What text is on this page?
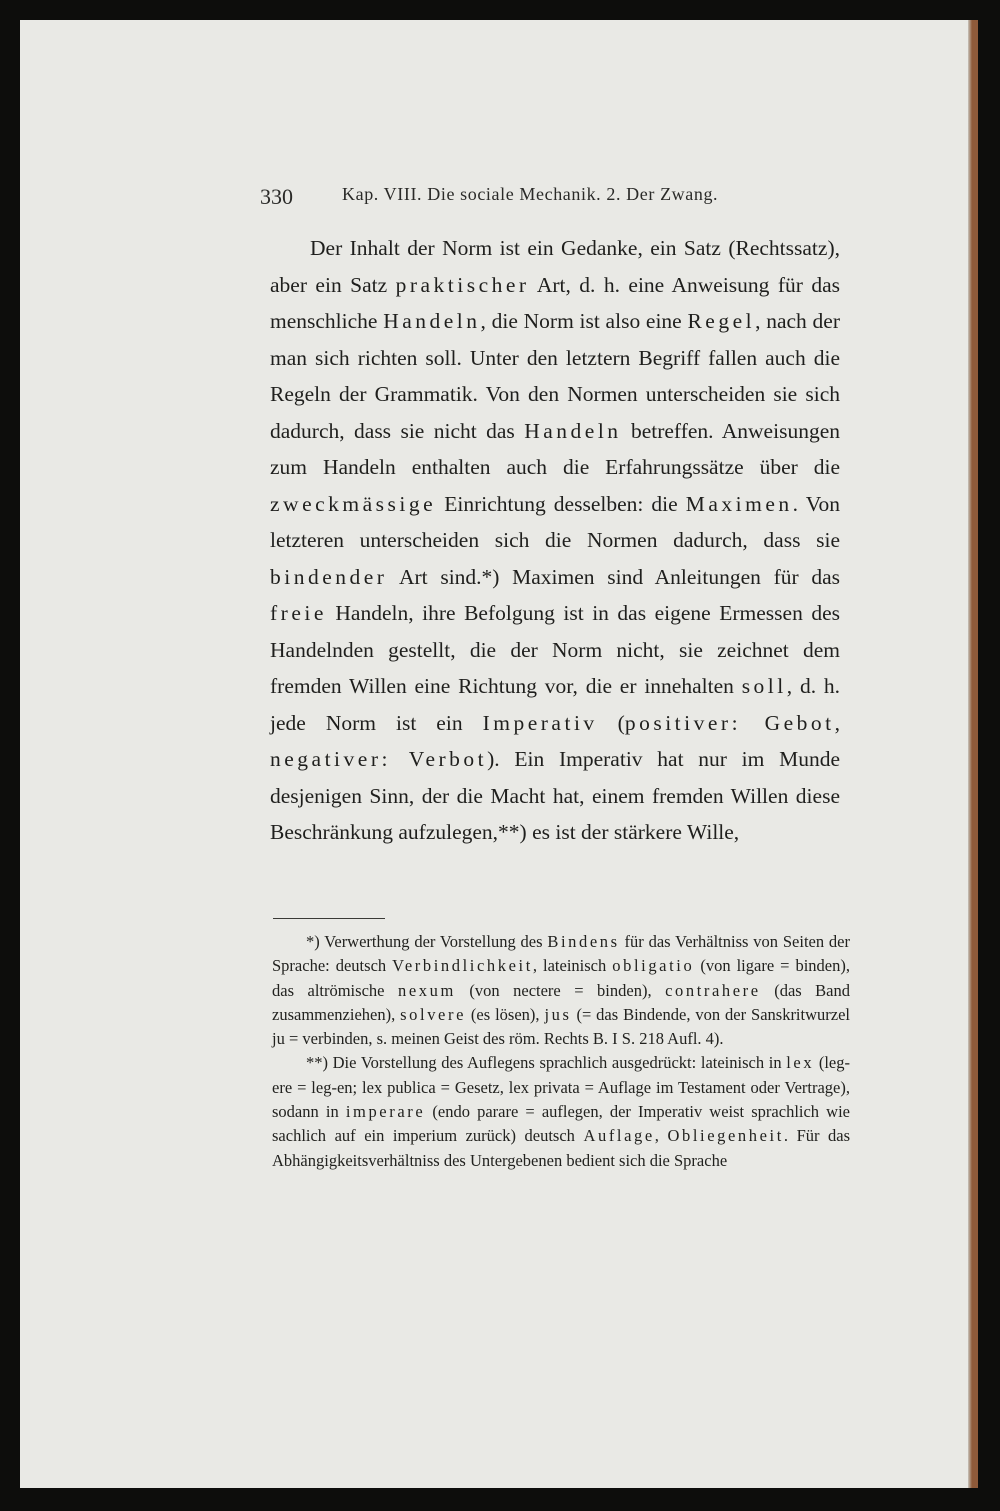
330	Kap. VIII. Die sociale Mechanik. 2. Der Zwang.

Der Inhalt der Norm ist ein Gedanke, ein Satz (Rechtssatz), aber ein Satz praktischer Art, d. h. eine Anweisung für das menschliche Handeln, die Norm ist also eine Regel, nach der man sich richten soll. Unter den letztern Begriff fallen auch die Regeln der Grammatik. Von den Normen unterscheiden sie sich dadurch, dass sie nicht das Handeln betreffen. Anweisungen zum Handeln enthalten auch die Erfahrungssätze über die zweckmässige Einrichtung desselben: die Maximen. Von letzteren unterscheiden sich die Normen dadurch, dass sie bindender Art sind.*) Maximen sind Anleitungen für das freie Handeln, ihre Befolgung ist in das eigene Ermessen des Handelnden gestellt, die der Norm nicht, sie zeichnet dem fremden Willen eine Richtung vor, die er innehalten soll, d. h. jede Norm ist ein Imperativ (positiver: Gebot, negativer: Verbot). Ein Imperativ hat nur im Munde desjenigen Sinn, der die Macht hat, einem fremden Willen diese Beschränkung aufzulegen,**) es ist der stärkere Wille,

*) Verwerthung der Vorstellung des Bindens für das Verhältniss von Seiten der Sprache: deutsch Verbindlichkeit, lateinisch obligatio (von ligare = binden), das altrömische nexum (von nectere = binden), contrahere (das Band zusammenziehen), solvere (es lösen), jus (= das Bindende, von der Sanskritwurzel ju = verbinden, s. meinen Geist des röm. Rechts B. I S. 218 Aufl. 4).

**) Die Vorstellung des Auflegens sprachlich ausgedrückt: lateinisch in lex (leg-ere = leg-en; lex publica = Gesetz, lex privata = Auflage im Testament oder Vertrage), sodann in imperare (endo parare = auflegen, der Imperativ weist sprachlich wie sachlich auf ein imperium zurück) deutsch Auflage, Obliegenheit. Für das Abhängigkeitsverhältniss des Untergebenen bedient sich die Sprache
